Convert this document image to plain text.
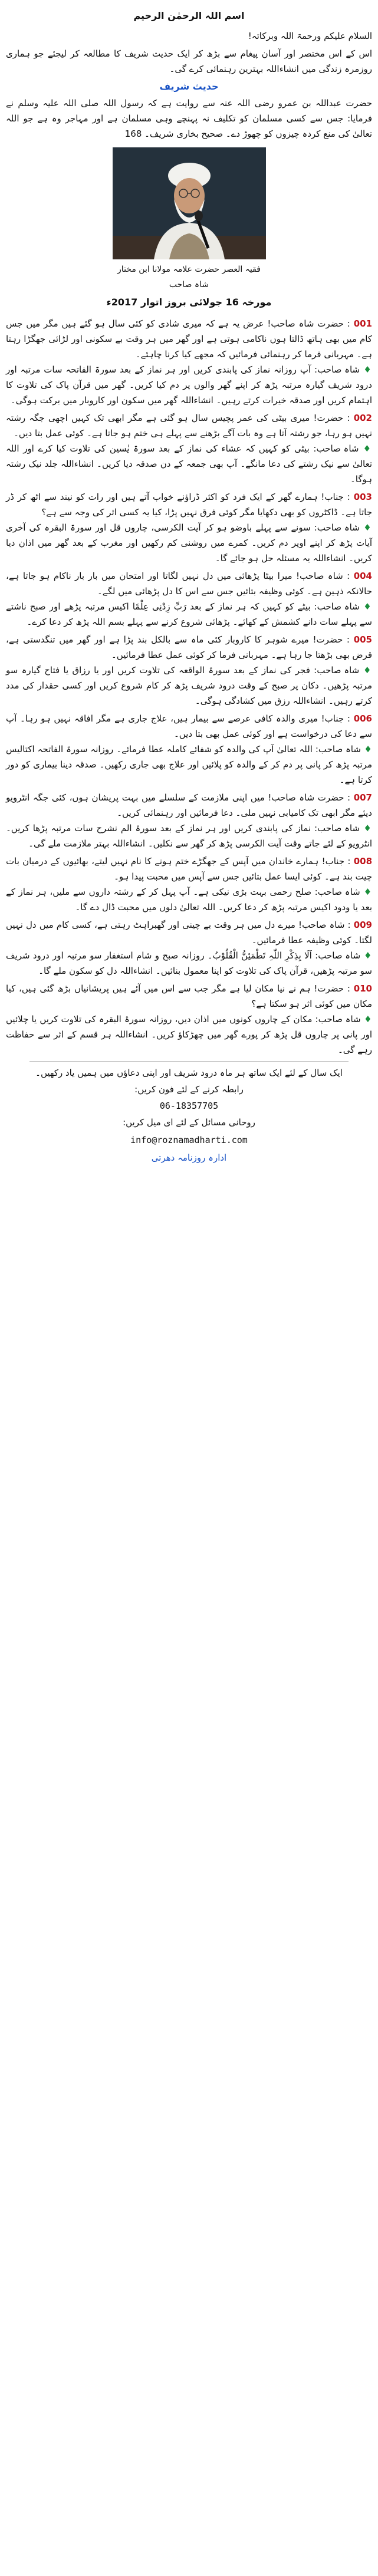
اسم اللہ الرحمٰن الرحیم

السلام علیکم ورحمۃ اللہ وبرکاتہ!

اس کے اس مختصر اور آسان پیغام سے بڑھ کر ایک حدیث شریف کا مطالعہ کر لیجئے جو ہماری روزمرہ زندگی میں انشاءاللہ بہترین رہنمائی کرے گی۔

حدیث شریف

حضرت عبداللہ بن عمرو رضی اللہ عنہ سے روایت ہے کہ رسول اللہ صلی اللہ علیہ وسلم نے فرمایا: جس سے کسی مسلمان کو تکلیف نہ پہنچے وہی مسلمان ہے اور مہاجر وہ ہے جو اللہ تعالیٰ کی منع کردہ چیزوں کو چھوڑ دے۔ صحیح بخاری شریف۔ 168

فقیہ العصر حضرت علامہ مولانا ابن مختار شاہ صاحب

مورخہ 16 جولائی بروز اتوار 2017ء

001 : حضرت شاہ صاحب! عرض یہ ہے کہ میری شادی کو کئی سال ہو گئے ہیں مگر میں جس کام میں بھی ہاتھ ڈالتا ہوں ناکامی ہوتی ہے اور گھر میں ہر وقت بے سکونی اور لڑائی جھگڑا رہتا ہے۔ مہربانی فرما کر رہنمائی فرمائیں کہ مجھے کیا کرنا چاہئے۔

♦ شاہ صاحب: آپ روزانہ نماز کی پابندی کریں اور ہر نماز کے بعد سورۃ الفاتحہ سات مرتبہ اور درود شریف گیارہ مرتبہ پڑھ کر اپنے گھر والوں پر دم کیا کریں۔ گھر میں قرآن پاک کی تلاوت کا اہتمام کریں اور صدقہ خیرات کرتے رہیں۔ انشاءاللہ گھر میں سکون اور کاروبار میں برکت ہوگی۔

002 : حضرت! میری بیٹی کی عمر پچیس سال ہو گئی ہے مگر ابھی تک کہیں اچھی جگہ رشتہ نہیں ہو رہا، جو رشتہ آتا ہے وہ بات آگے بڑھنے سے پہلے ہی ختم ہو جاتا ہے۔ کوئی عمل بتا دیں۔

♦ شاہ صاحب: بیٹی کو کہیں کہ عشاء کی نماز کے بعد سورۃ یٰسین کی تلاوت کیا کرے اور اللہ تعالیٰ سے نیک رشتے کی دعا مانگے۔ آپ بھی جمعہ کے دن صدقہ دیا کریں۔ انشاءاللہ جلد نیک رشتہ ہوگا۔

003 : جناب! ہمارے گھر کے ایک فرد کو اکثر ڈراؤنے خواب آتے ہیں اور رات کو نیند سے اٹھ کر ڈر جاتا ہے۔ ڈاکٹروں کو بھی دکھایا مگر کوئی فرق نہیں پڑا، کیا یہ کسی اثر کی وجہ سے ہے؟

♦ شاہ صاحب: سونے سے پہلے باوضو ہو کر آیت الکرسی، چاروں قل اور سورۃ البقرہ کی آخری آیات پڑھ کر اپنے اوپر دم کریں۔ کمرے میں روشنی کم رکھیں اور مغرب کے بعد گھر میں اذان دیا کریں۔ انشاءاللہ یہ مسئلہ حل ہو جائے گا۔

004 : شاہ صاحب! میرا بیٹا پڑھائی میں دل نہیں لگاتا اور امتحان میں بار بار ناکام ہو جاتا ہے، حالانکہ ذہین ہے۔ کوئی وظیفہ بتائیں جس سے اس کا دل پڑھائی میں لگے۔

♦ شاہ صاحب: بیٹے کو کہیں کہ ہر نماز کے بعد رَبِّ زِدْنِی عِلْمًا اکیس مرتبہ پڑھے اور صبح ناشتے سے پہلے سات دانے کشمش کے کھائے۔ پڑھائی شروع کرنے سے پہلے بسم اللہ پڑھ کر دعا کرے۔

005 : حضرت! میرے شوہر کا کاروبار کئی ماہ سے بالکل بند پڑا ہے اور گھر میں تنگدستی ہے، قرض بھی بڑھتا جا رہا ہے۔ مہربانی فرما کر کوئی عمل عطا فرمائیں۔

♦ شاہ صاحب: فجر کی نماز کے بعد سورۃ الواقعہ کی تلاوت کریں اور یا رزاق یا فتاح گیارہ سو مرتبہ پڑھیں۔ دکان پر صبح کے وقت درود شریف پڑھ کر کام شروع کریں اور کسی حقدار کی مدد کرتے رہیں۔ انشاءاللہ رزق میں کشادگی ہوگی۔

006 : جناب! میری والدہ کافی عرصے سے بیمار ہیں، علاج جاری ہے مگر افاقہ نہیں ہو رہا۔ آپ سے دعا کی درخواست ہے اور کوئی عمل بھی بتا دیں۔

♦ شاہ صاحب: اللہ تعالیٰ آپ کی والدہ کو شفائے کاملہ عطا فرمائے۔ روزانہ سورۃ الفاتحہ اکتالیس مرتبہ پڑھ کر پانی پر دم کر کے والدہ کو پلائیں اور علاج بھی جاری رکھیں۔ صدقہ دینا بیماری کو دور کرتا ہے۔

007 : حضرت شاہ صاحب! میں اپنی ملازمت کے سلسلے میں بہت پریشان ہوں، کئی جگہ انٹرویو دیئے مگر ابھی تک کامیابی نہیں ملی۔ دعا فرمائیں اور رہنمائی کریں۔

♦ شاہ صاحب: نماز کی پابندی کریں اور ہر نماز کے بعد سورۃ الم نشرح سات مرتبہ پڑھا کریں۔ انٹرویو کے لئے جاتے وقت آیت الکرسی پڑھ کر گھر سے نکلیں۔ انشاءاللہ بہتر ملازمت ملے گی۔

008 : جناب! ہمارے خاندان میں آپس کے جھگڑے ختم ہونے کا نام نہیں لیتے، بھائیوں کے درمیان بات چیت بند ہے۔ کوئی ایسا عمل بتائیں جس سے آپس میں محبت پیدا ہو۔

♦ شاہ صاحب: صلح رحمی بہت بڑی نیکی ہے۔ آپ پہل کر کے رشتہ داروں سے ملیں، ہر نماز کے بعد یا ودود اکیس مرتبہ پڑھ کر دعا کریں۔ اللہ تعالیٰ دلوں میں محبت ڈال دے گا۔

009 : شاہ صاحب! میرے دل میں ہر وقت بے چینی اور گھبراہٹ رہتی ہے، کسی کام میں دل نہیں لگتا۔ کوئی وظیفہ عطا فرمائیں۔

♦ شاہ صاحب: اَلَا بِذِکْرِ اللّٰہِ تَطْمَئِنُّ الْقُلُوْبُ۔ روزانہ صبح و شام استغفار سو مرتبہ اور درود شریف سو مرتبہ پڑھیں، قرآن پاک کی تلاوت کو اپنا معمول بنائیں۔ انشاءاللہ دل کو سکون ملے گا۔

010 : حضرت! ہم نے نیا مکان لیا ہے مگر جب سے اس میں آئے ہیں پریشانیاں بڑھ گئی ہیں، کیا مکان میں کوئی اثر ہو سکتا ہے؟

♦ شاہ صاحب: مکان کے چاروں کونوں میں اذان دیں، روزانہ سورۃ البقرہ کی تلاوت کریں یا چلائیں اور پانی پر چاروں قل پڑھ کر پورے گھر میں چھڑکاؤ کریں۔ انشاءاللہ ہر قسم کے اثر سے حفاظت رہے گی۔

ایک سال کے لئے ایک ساتھ ہر ماہ درود شریف اور اپنی دعاؤں میں ہمیں یاد رکھیں۔

رابطہ کرنے کے لئے فون کریں:

06-18357705

روحانی مسائل کے لئے ای میل کریں:

info@roznamadharti.com

ادارہ روزنامہ دھرتی
